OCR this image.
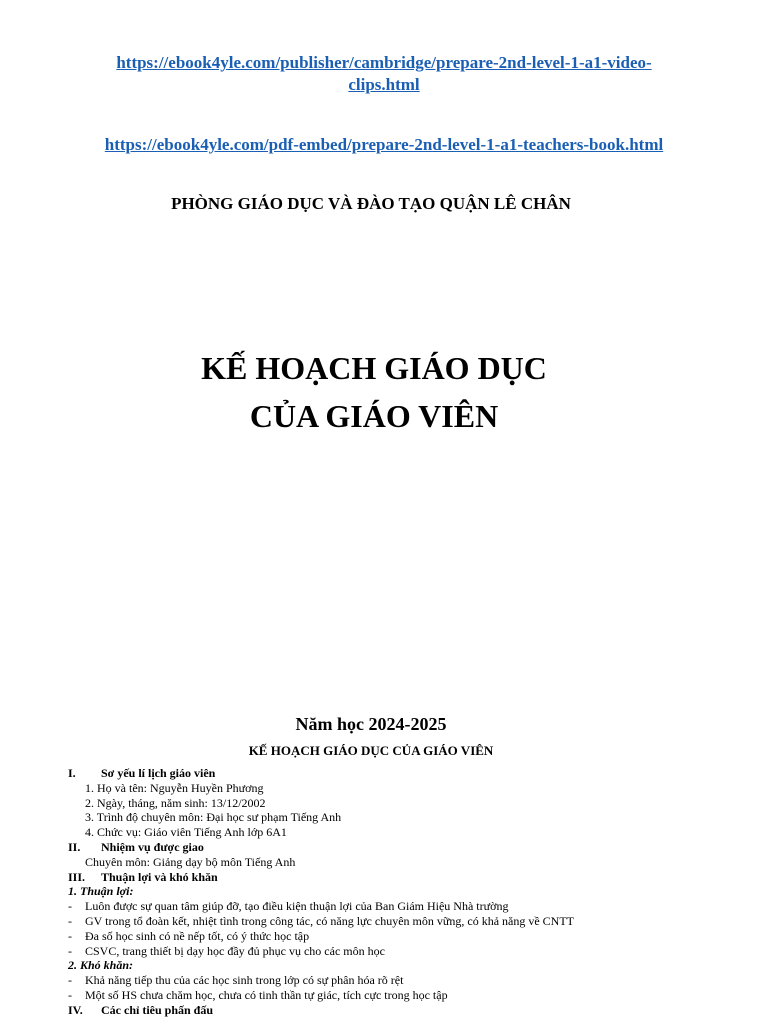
https://ebook4yle.com/publisher/cambridge/prepare-2nd-level-1-a1-video-clips.html
https://ebook4yle.com/pdf-embed/prepare-2nd-level-1-a1-teachers-book.html
PHÒNG GIÁO DỤC VÀ ĐÀO TẠO QUẬN LÊ CHÂN
KẾ HOẠCH GIÁO DỤC
CỦA GIÁO VIÊN
Năm học 2024-2025
KẾ HOẠCH GIÁO DỤC CỦA GIÁO VIÊN
I. Sơ yếu lí lịch giáo viên
1. Họ và tên: Nguyễn Huyền Phương
2. Ngày, tháng, năm sinh: 13/12/2002
3. Trình độ chuyên môn: Đại học sư phạm Tiếng Anh
4. Chức vụ: Giáo viên Tiếng Anh lớp 6A1
II. Nhiệm vụ được giao
Chuyên môn: Giảng dạy bộ môn Tiếng Anh
III. Thuận lợi và khó khăn
1. Thuận lợi:
- Luôn được sự quan tâm giúp đỡ, tạo điều kiện thuận lợi của Ban Giám Hiệu Nhà trường
- GV trong tổ đoàn kết, nhiệt tình trong công tác, có năng lực chuyên môn vững, có khả năng về CNTT
- Đa số học sinh có nề nếp tốt, có ý thức học tập
- CSVC, trang thiết bị dạy học đầy đủ phục vụ cho các môn học
2. Khó khăn:
- Khả năng tiếp thu của các học sinh trong lớp có sự phân hóa rõ rệt
- Một số HS chưa chăm học, chưa có tinh thần tự giác, tích cực trong học tập
IV. Các chỉ tiêu phấn đấu
